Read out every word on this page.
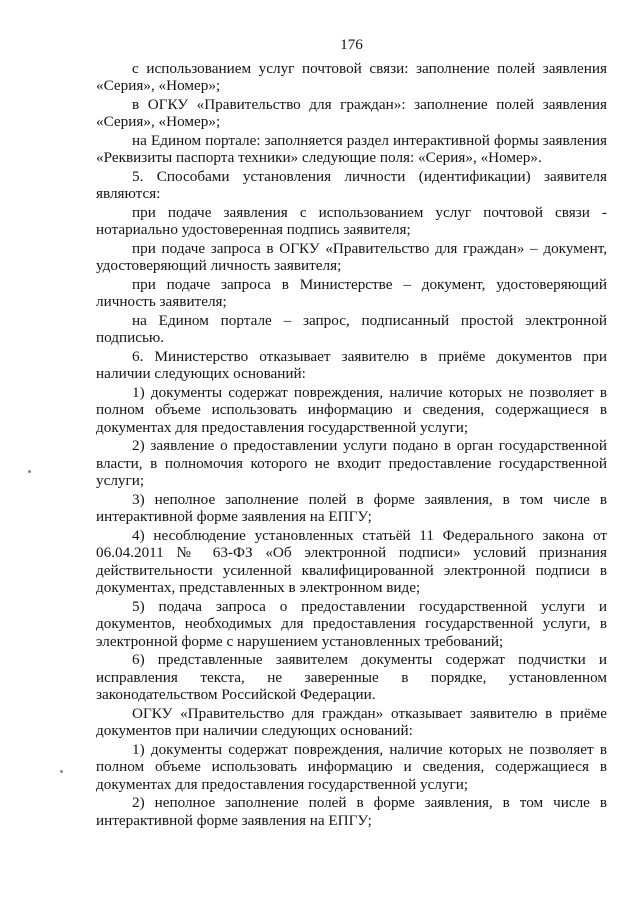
176

с использованием услуг почтовой связи: заполнение полей заявления «Серия», «Номер»;

в ОГКУ «Правительство для граждан»: заполнение полей заявления «Серия», «Номер»;

на Едином портале: заполняется раздел интерактивной формы заявления «Реквизиты паспорта техники» следующие поля: «Серия», «Номер».

5. Способами установления личности (идентификации) заявителя являются:

при подаче заявления с использованием услуг почтовой связи - нотариально удостоверенная подпись заявителя;

при подаче запроса в ОГКУ «Правительство для граждан» – документ, удостоверяющий личность заявителя;

при подаче запроса в Министерстве – документ, удостоверяющий личность заявителя;

на Едином портале – запрос, подписанный простой электронной подписью.

6. Министерство отказывает заявителю в приёме документов при наличии следующих оснований:

1) документы содержат повреждения, наличие которых не позволяет в полном объеме использовать информацию и сведения, содержащиеся в документах для предоставления государственной услуги;

2) заявление о предоставлении услуги подано в орган государственной власти, в полномочия которого не входит предоставление государственной услуги;

3) неполное заполнение полей в форме заявления, в том числе в интерактивной форме заявления на ЕПГУ;

4) несоблюдение установленных статьёй 11 Федерального закона от 06.04.2011 № 63-ФЗ «Об электронной подписи» условий признания действительности усиленной квалифицированной электронной подписи в документах, представленных в электронном виде;

5) подача запроса о предоставлении государственной услуги и документов, необходимых для предоставления государственной услуги, в электронной форме с нарушением установленных требований;

6) представленные заявителем документы содержат подчистки и исправления текста, не заверенные в порядке, установленном законодательством Российской Федерации.

ОГКУ «Правительство для граждан» отказывает заявителю в приёме документов при наличии следующих оснований:

1) документы содержат повреждения, наличие которых не позволяет в полном объеме использовать информацию и сведения, содержащиеся в документах для предоставления государственной услуги;

2) неполное заполнение полей в форме заявления, в том числе в интерактивной форме заявления на ЕПГУ;
